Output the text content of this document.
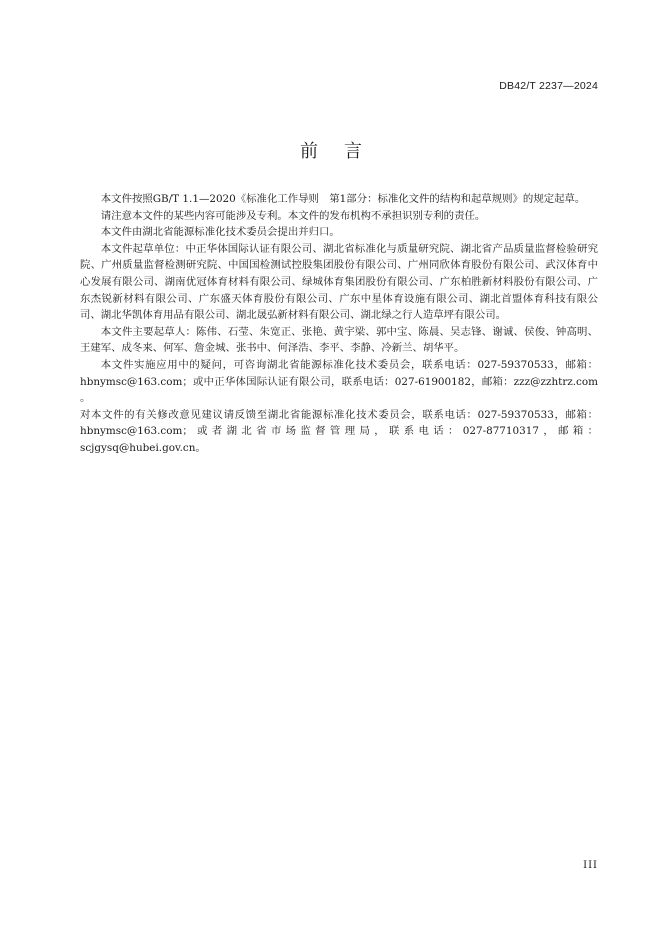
DB42/T 2237—2024
前言

本文件按照GB/T 1.1—2020《标准化工作导则　第1部分：标准化文件的结构和起草规则》的规定起草。

请注意本文件的某些内容可能涉及专利。本文件的发布机构不承担识别专利的责任。

本文件由湖北省能源标准化技术委员会提出并归口。

本文件起草单位：中正华体国际认证有限公司、湖北省标准化与质量研究院、湖北省产品质量监督检验研究院、广州质量监督检测研究院、中国国检测试控股集团股份有限公司、广州同欣体育股份有限公司、武汉体育中心发展有限公司、湖南优冠体育材料有限公司、绿城体育集团股份有限公司、广东柏胜新材料股份有限公司、广东杰锐新材料有限公司、广东盛天体育股份有限公司、广东中星体育设施有限公司、湖北首盟体育科技有限公司、湖北华凯体育用品有限公司、湖北晟弘新材料有限公司、湖北绿之行人造草坪有限公司。

本文件主要起草人：陈伟、石莹、朱宽正、张艳、黄宇梁、郭中宝、陈晨、吴志锋、谢诚、侯俊、钟高明、王建军、成冬来、何军、詹金城、张书中、何泽浩、李平、李静、冷新兰、胡华平。

本文件实施应用中的疑问，可咨询湖北省能源标准化技术委员会，联系电话：027-59370533，邮箱：hbnymsc@163.com；或中正华体国际认证有限公司，联系电话：027-61900182，邮箱：zzz@zzhtrz.com 。

对本文件的有关修改意见建议请反馈至湖北省能源标准化技术委员会，联系电话：027-59370533，邮箱：hbnymsc@163.com；或者湖北省市场监督管理局，联系电话：027-87710317，邮箱：scjgysq@hubei.gov.cn。

III
